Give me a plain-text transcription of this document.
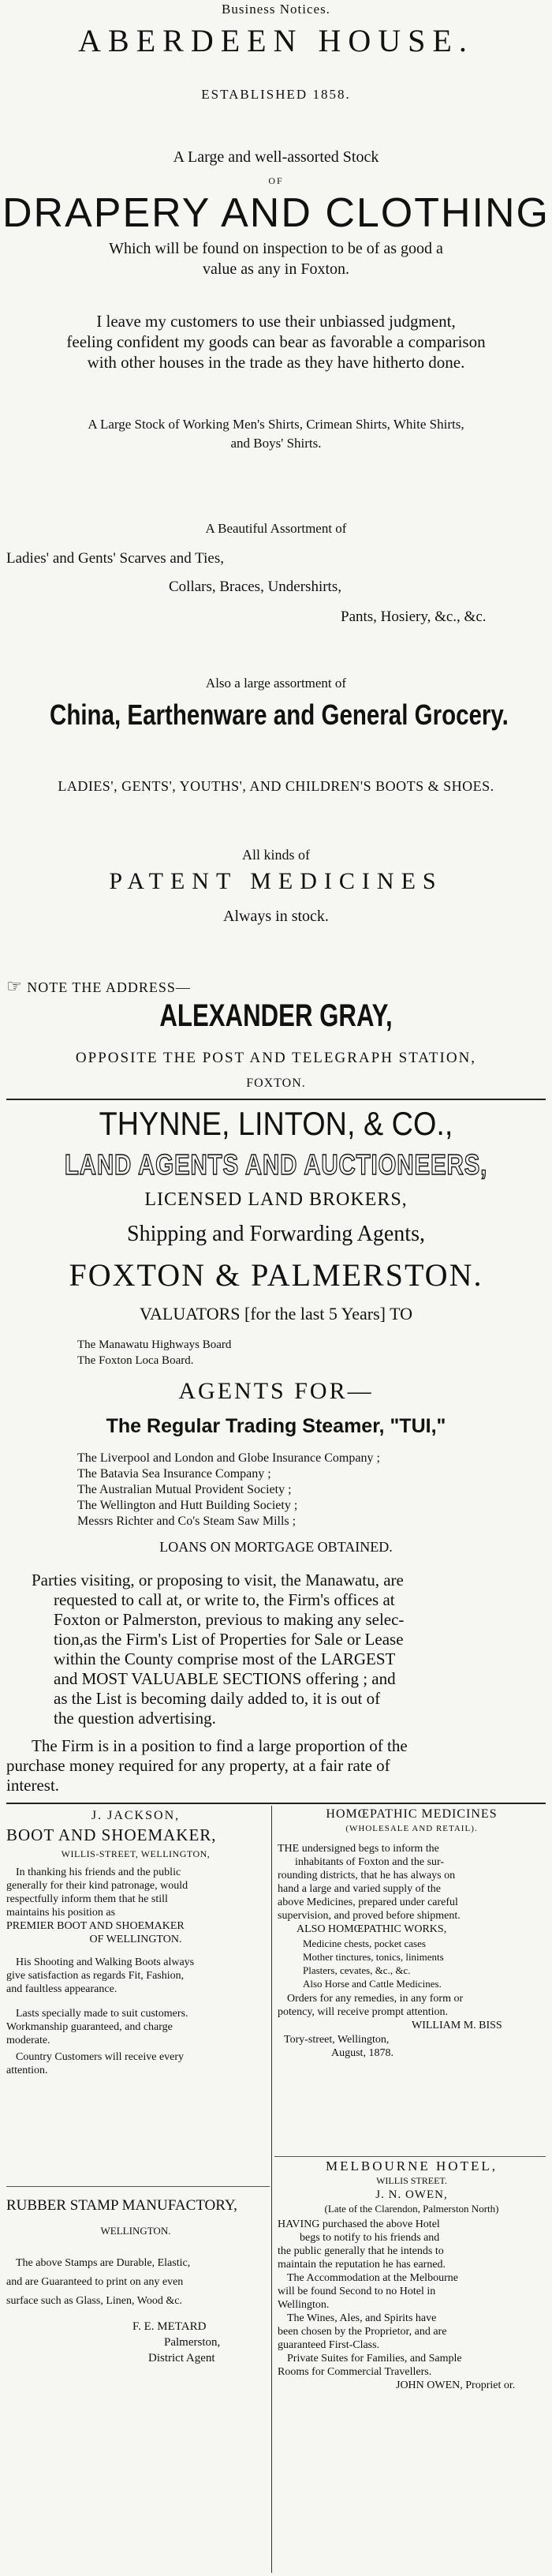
Business Notices.
ABERDEEN HOUSE.
ESTABLISHED 1858.
A Large and well-assorted Stock
OF
DRAPERY AND CLOTHING
Which will be found on inspection to be of as good a
value as any in Foxton.
I leave my customers to use their unbiassed judgment,
feeling confident my goods can bear as favorable a comparison
with other houses in the trade as they have hitherto done.
A Large Stock of Working Men's Shirts, Crimean Shirts, White Shirts,
and Boys' Shirts.
A Beautiful Assortment of
Ladies' and Gents' Scarves and Ties,
Collars, Braces, Undershirts,
Pants, Hosiery, &c., &c.
Also a large assortment of
China, Earthenware and General Grocery.
LADIES', GENTS', YOUTHS', AND CHILDREN'S BOOTS & SHOES.
All kinds of
PATENT MEDICINES
Always in stock.
☞ NOTE THE ADDRESS—
ALEXANDER GRAY,
OPPOSITE THE POST AND TELEGRAPH STATION,
FOXTON.
THYNNE, LINTON, & CO.,
LAND AGENTS AND AUCTIONEERS,
LICENSED LAND BROKERS,
Shipping and Forwarding Agents,
FOXTON & PALMERSTON.
VALUATORS [for the last 5 Years] TO
The Manawatu Highways Board
The Foxton Loca Board.
AGENTS FOR—
The Regular Trading Steamer, "TUI,"
The Liverpool and London and Globe Insurance Company ;
The Batavia Sea Insurance Company ;
The Australian Mutual Provident Society ;
The Wellington and Hutt Building Society ;
Messrs Richter and Co's Steam Saw Mills ;
LOANS ON MORTGAGE OBTAINED.
Parties visiting, or proposing to visit, the Manawatu, are
requested to call at, or write to, the Firm's offices at
Foxton or Palmerston, previous to making any selec-
tion,as the Firm's List of Properties for Sale or Lease
within the County comprise most of the LARGEST
and MOST VALUABLE SECTIONS offering ; and
as the List is becoming daily added to, it is out of
the question advertising.
The Firm is in a position to find a large proportion of the
purchase money required for any property, at a fair rate of
interest.
J. JACKSON,
BOOT AND SHOEMAKER,
WILLIS-STREET, WELLINGTON,
In thanking his friends and the public
generally for their kind patronage, would
respectfully inform them that he still
maintains his position as
PREMIER BOOT AND SHOEMAKER
OF WELLINGTON.
His Shooting and Walking Boots always
give satisfaction as regards Fit, Fashion,
and faultless appearance.
Lasts specially made to suit customers.
Workmanship guaranteed, and charge
moderate.
Country Customers will receive every
attention.
RUBBER STAMP MANUFACTORY,
WELLINGTON.
The above Stamps are Durable, Elastic,
and are Guaranteed to print on any even
surface such as Glass, Linen, Wood &c.
F. E. METARD
Palmerston,
District Agent
HOMŒPATHIC MEDICINES
(WHOLESALE AND RETAIL).
THE undersigned begs to inform the
inhabitants of Foxton and the sur-
rounding districts, that he has always on
hand a large and varied supply of the
above Medicines, prepared under careful
supervision, and proved before shipment.
ALSO HOMŒPATHIC WORKS,
Medicine chests, pocket cases
Mother tinctures, tonics, liniments
Plasters, cevates, &c., &c.
Also Horse and Cattle Medicines.
Orders for any remedies, in any form or
potency, will receive prompt attention.
WILLIAM M. BISS
Tory-street, Wellington,
August, 1878.
MELBOURNE HOTEL,
WILLIS STREET.
J. N. OWEN,
(Late of the Clarendon, Palmerston North)
HAVING purchased the above Hotel
begs to notify to his friends and
the public generally that he intends to
maintain the reputation he has earned.
The Accommodation at the Melbourne
will be found Second to no Hotel in
Wellington.
The Wines, Ales, and Spirits have
been chosen by the Proprietor, and are
guaranteed First-Class.
Private Suites for Families, and Sample
Rooms for Commercial Travellers.
JOHN OWEN, Propriet or.
